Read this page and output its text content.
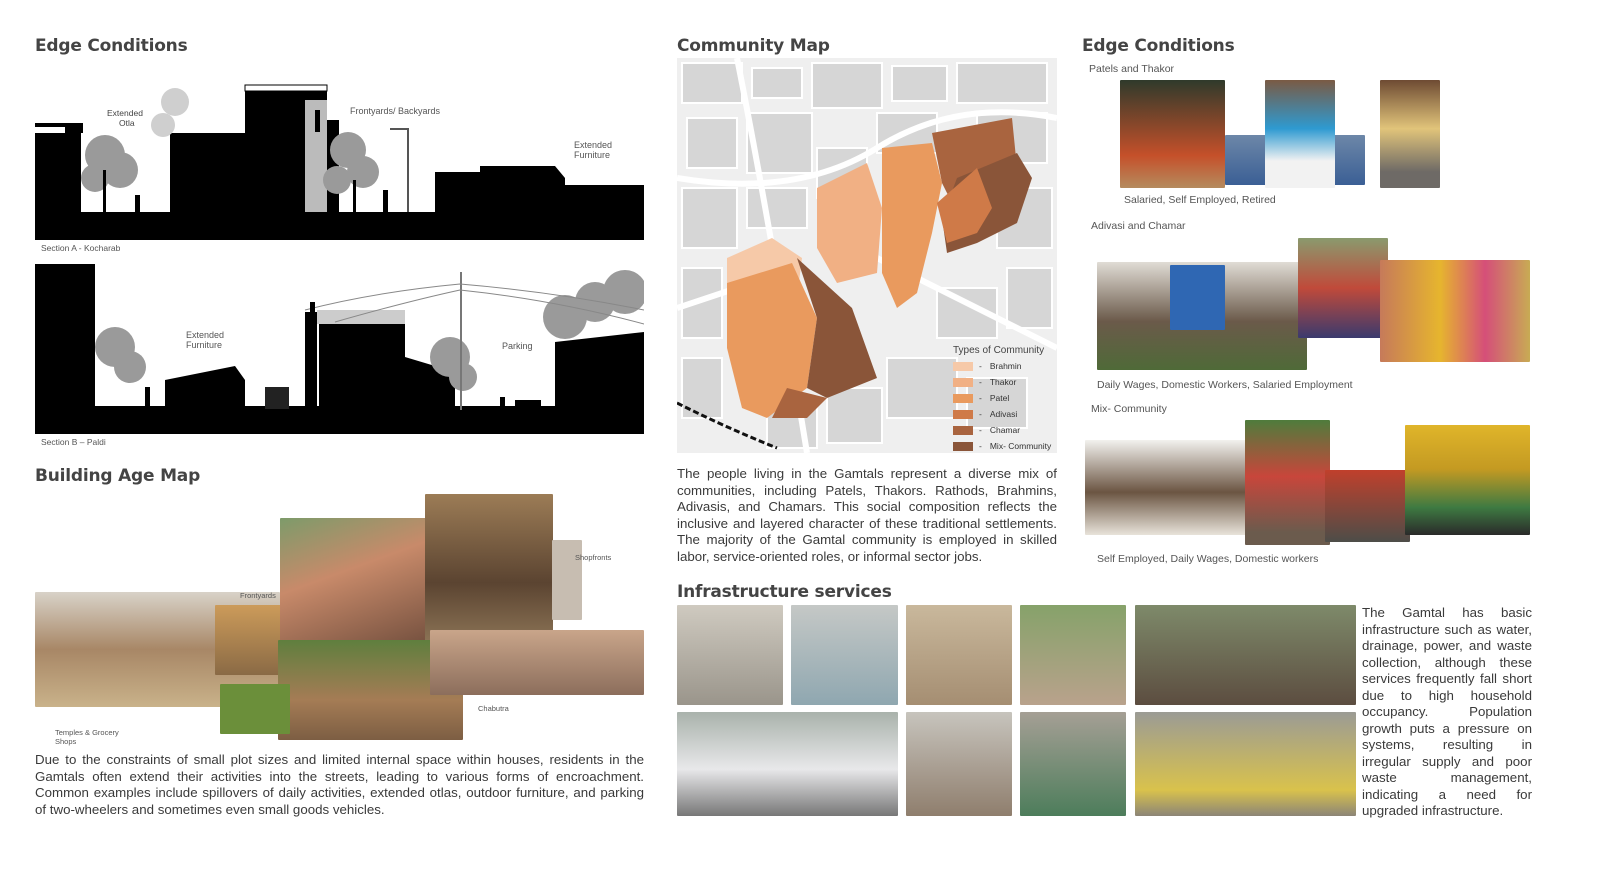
Edge Conditions
Extended
Otla
Frontyards/ Backyards
Extended Furniture
Section A - Kocharab
Extended Furniture	Parking
Section B – Paldi
Building Age Map
Frontyards
Shopfronts
Chabutra
Temples & Grocery Shops
Due to the constraints of small plot sizes and limited internal space within houses, residents in the Gamtals often extend their activities into the streets, leading to various forms of encroachment. Common examples include spillovers of daily activities, extended otlas, outdoor furniture, and parking of two-wheelers and sometimes even small goods vehicles.
Community Map
Types of Community
- Brahmin
- Thakor
- Patel
- Adivasi
- Chamar
- Mix- Community
The people living in the Gamtals represent a diverse mix of communities, including Patels, Thakors. Rathods, Brahmins, Adivasis, and Chamars. This social composition reflects the inclusive and layered character of these traditional settlements. The majority of the Gamtal community is employed in skilled labor, service-oriented roles, or informal sector jobs.
Infrastructure services
The Gamtal has basic infrastructure such as water, drainage, power, and waste collection, although these services frequently fall short due to high household occupancy. Population growth puts a pressure on systems, resulting in irregular supply and poor waste management, indicating a need for upgraded infrastructure.
Edge Conditions
Patels and Thakor
Salaried, Self Employed, Retired
Adivasi and Chamar
Daily Wages, Domestic Workers, Salaried Employment
Mix- Community
Self Employed, Daily Wages, Domestic workers
